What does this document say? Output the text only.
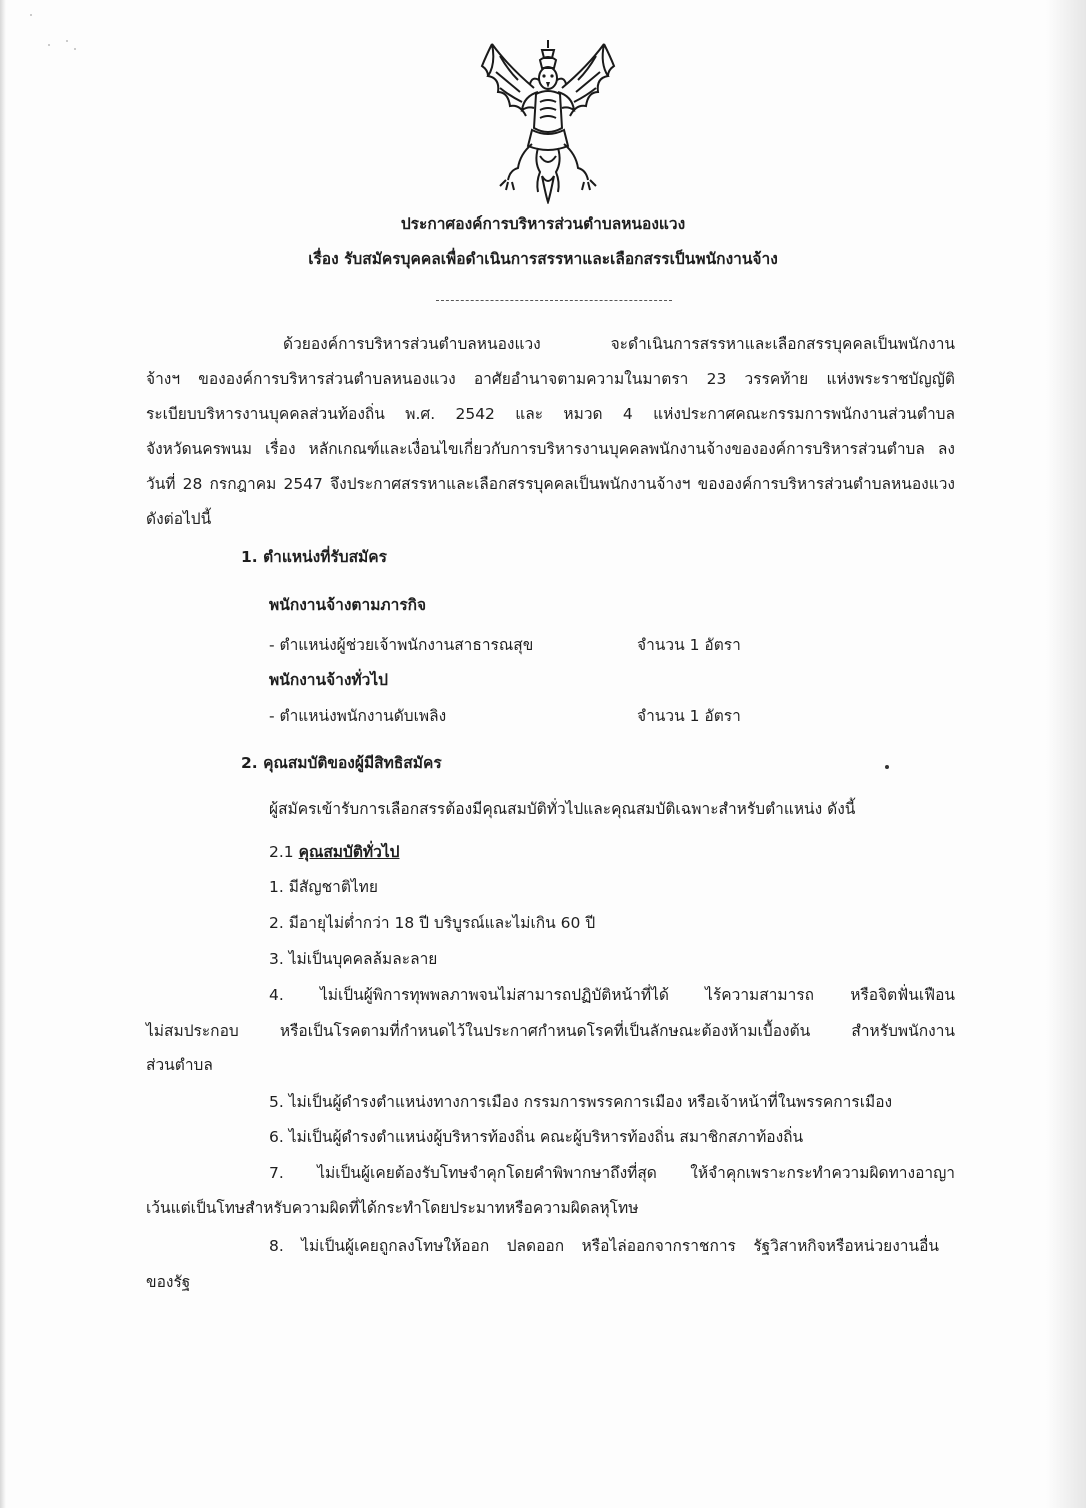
ประกาศองค์การบริหารส่วนตำบลหนองแวง
เรื่อง รับสมัครบุคคลเพื่อดำเนินการสรรหาและเลือกสรรเป็นพนักงานจ้าง
ด้วยองค์การบริหารส่วนตำบลหนองแวง จะดำเนินการสรรหาและเลือกสรรบุคคลเป็นพนักงาน
จ้างฯ ขององค์การบริหารส่วนตำบลหนองแวง อาศัยอำนาจตามความในมาตรา 23 วรรคท้าย แห่งพระราชบัญญัติ
ระเบียบบริหารงานบุคคลส่วนท้องถิ่น พ.ศ. 2542 และ หมวด 4 แห่งประกาศคณะกรรมการพนักงานส่วนตำบล
จังหวัดนครพนม เรื่อง หลักเกณฑ์และเงื่อนไขเกี่ยวกับการบริหารงานบุคคลพนักงานจ้างขององค์การบริหารส่วนตำบล ลง
วันที่ 28 กรกฎาคม 2547 จึงประกาศสรรหาและเลือกสรรบุคคลเป็นพนักงานจ้างฯ ขององค์การบริหารส่วนตำบลหนองแวง
ดังต่อไปนี้
1. ตำแหน่งที่รับสมัคร
พนักงานจ้างตามภารกิจ
- ตำแหน่งผู้ช่วยเจ้าพนักงานสาธารณสุข	จำนวน 1 อัตรา
พนักงานจ้างทั่วไป
- ตำแหน่งพนักงานดับเพลิง	จำนวน 1 อัตรา
2. คุณสมบัติของผู้มีสิทธิสมัคร
ผู้สมัครเข้ารับการเลือกสรรต้องมีคุณสมบัติทั่วไปและคุณสมบัติเฉพาะสำหรับตำแหน่ง ดังนี้
2.1 คุณสมบัติทั่วไป
1. มีสัญชาติไทย
2. มีอายุไม่ต่ำกว่า 18 ปี บริบูรณ์และไม่เกิน 60 ปี
3. ไม่เป็นบุคคลล้มละลาย
4. ไม่เป็นผู้พิการทุพพลภาพจนไม่สามารถปฏิบัติหน้าที่ได้ ไร้ความสามารถ หรือจิตฟั่นเฟือน
ไม่สมประกอบ หรือเป็นโรคตามที่กำหนดไว้ในประกาศกำหนดโรคที่เป็นลักษณะต้องห้ามเบื้องต้น สำหรับพนักงาน
ส่วนตำบล
5. ไม่เป็นผู้ดำรงตำแหน่งทางการเมือง กรรมการพรรคการเมือง หรือเจ้าหน้าที่ในพรรคการเมือง
6. ไม่เป็นผู้ดำรงตำแหน่งผู้บริหารท้องถิ่น คณะผู้บริหารท้องถิ่น สมาชิกสภาท้องถิ่น
7. ไม่เป็นผู้เคยต้องรับโทษจำคุกโดยคำพิพากษาถึงที่สุด ให้จำคุกเพราะกระทำความผิดทางอาญา
เว้นแต่เป็นโทษสำหรับความผิดที่ได้กระทำโดยประมาทหรือความผิดลหุโทษ
8. ไม่เป็นผู้เคยถูกลงโทษให้ออก ปลดออก หรือไล่ออกจากราชการ รัฐวิสาหกิจหรือหน่วยงานอื่น
ของรัฐ
